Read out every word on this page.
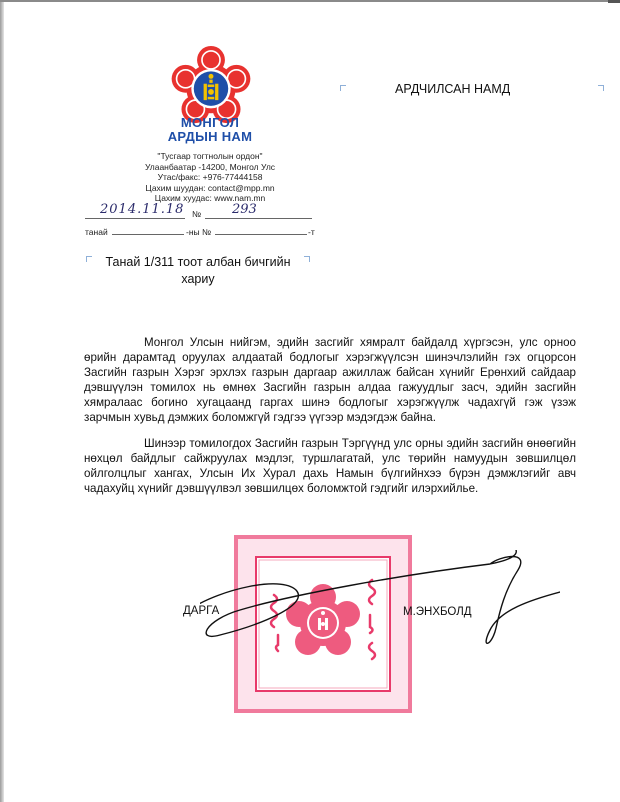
МОНГОЛ
АРДЫН НАМ
"Тусгаар тогтнолын ордон"
Улаанбаатар -14200, Монгол Улс
Утас/факс: +976-77444158
Цахим шуудан: contact@mpp.mn
Цахим хуудас: www.nam.mn
2014.11.18 № 293
танай	-ны №	-т
АРДЧИЛСАН НАМД
Танай 1/311 тоот албан бичгийн
хариу

Монгол Улсын нийгэм, эдийн засгийг хямралт байдалд хүргэсэн, улс орноо өрийн дарамтад оруулах алдаатай бодлогыг хэрэгжүүлсэн шинэчлэлийн гэх огцорсон Засгийн газрын Хэрэг эрхлэх газрын даргаар ажиллаж байсан хүнийг Ерөнхий сайдаар дэвшүүлэн томилох нь өмнөх Засгийн газрын алдаа гажуудлыг засч, эдийн засгийн хямралаас богино хугацаанд гаргах шинэ бодлогыг хэрэгжүүлж чадахгүй гэж үзэж зарчмын хувьд дэмжих боломжгүй гэдгээ үүгээр мэдэгдэж байна.

Шинээр томилогдох Засгийн газрын Тэргүүнд улс орны эдийн засгийн өнөөгийн нөхцөл байдлыг сайжруулах мэдлэг, туршлагатай, улс төрийн намуудын зөвшилцөл ойлголцлыг хангах, Улсын Их Хурал дахь Намын бүлгийнхээ бүрэн дэмжлэгийг авч чадахуйц хүнийг дэвшүүлвэл зөвшилцөх боломжтой гэдгийг илэрхийлье.

ДАРГА	М.ЭНХБОЛД
